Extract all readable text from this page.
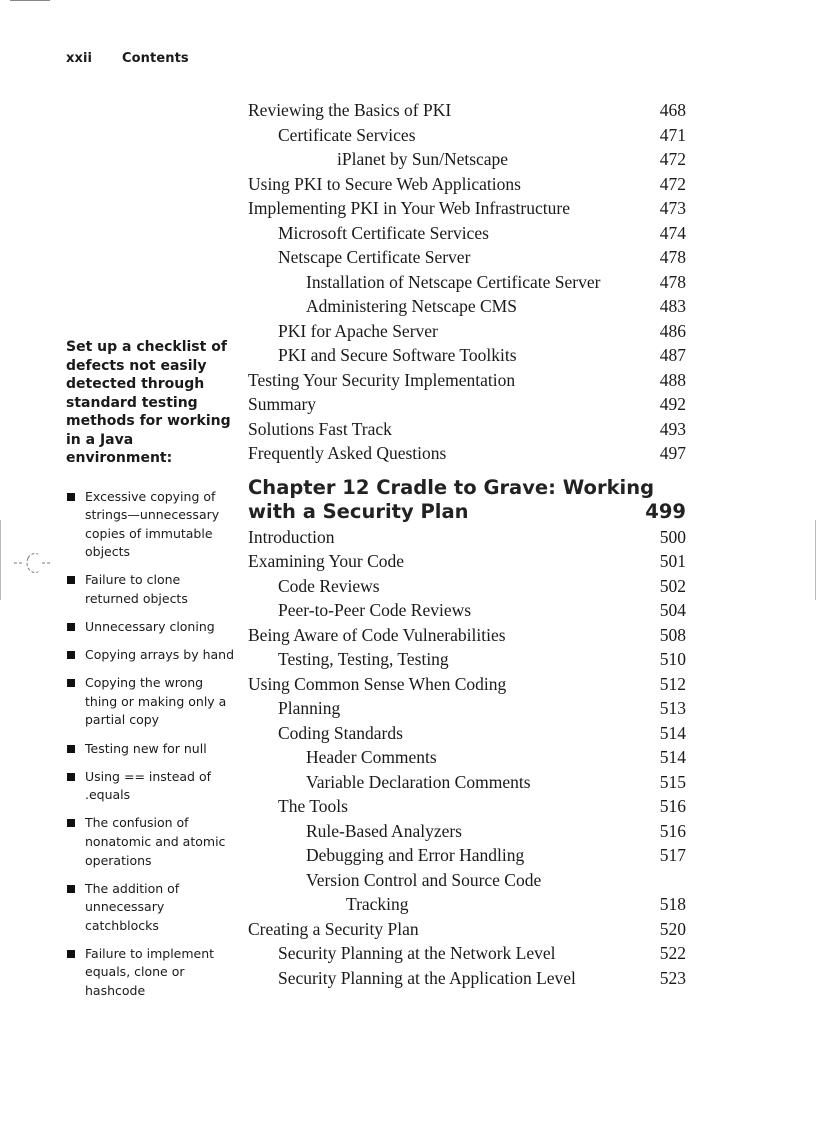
xxii Contents

Set up a checklist of defects not easily detected through standard testing methods for working in a Java environment:

Excessive copying of strings—unnecessary copies of immutable objects
Failure to clone returned objects
Unnecessary cloning
Copying arrays by hand
Copying the wrong thing or making only a partial copy
Testing new for null
Using == instead of .equals
The confusion of nonatomic and atomic operations
The addition of unnecessary catchblocks
Failure to implement equals, clone or hashcode
Reviewing the Basics of PKI	468
Certificate Services	471
iPlanet by Sun/Netscape	472
Using PKI to Secure Web Applications	472
Implementing PKI in Your Web Infrastructure	473
Microsoft Certificate Services	474
Netscape Certificate Server	478
Installation of Netscape Certificate Server	478
Administering Netscape CMS	483
PKI for Apache Server	486
PKI and Secure Software Toolkits	487
Testing Your Security Implementation	488
Summary	492
Solutions Fast Track	493
Frequently Asked Questions	497
Chapter 12 Cradle to Grave: Working
with a Security Plan	499
Introduction	500
Examining Your Code	501
Code Reviews	502
Peer-to-Peer Code Reviews	504
Being Aware of Code Vulnerabilities	508
Testing, Testing, Testing	510
Using Common Sense When Coding	512
Planning	513
Coding Standards	514
Header Comments	514
Variable Declaration Comments	515
The Tools	516
Rule-Based Analyzers	516
Debugging and Error Handling	517
Version Control and Source Code
Tracking	518
Creating a Security Plan	520
Security Planning at the Network Level	522
Security Planning at the Application Level	523
